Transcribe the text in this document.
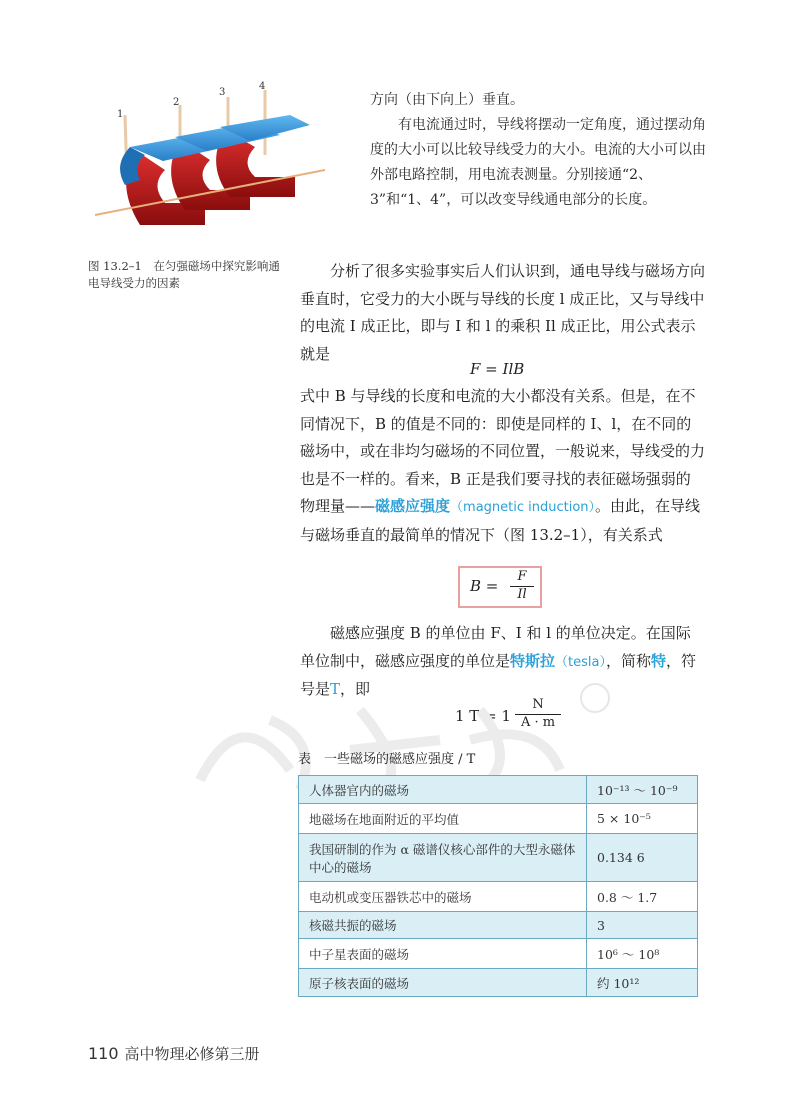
1
2
3
4
图 13.2–1　在匀强磁场中探究影响通电导线受力的因素
方向（由下向上）垂直。
有电流通过时，导线将摆动一定角度，通过摆动角度的大小可以比较导线受力的大小。电流的大小可以由外部电路控制，用电流表测量。分别接通“2、3”和“1、4”，可以改变导线通电部分的长度。
分析了很多实验事实后人们认识到，通电导线与磁场方向垂直时，它受力的大小既与导线的长度 l 成正比，又与导线中的电流 I 成正比，即与 I 和 l 的乘积 Il 成正比，用公式表示就是
F = IlB
式中 B 与导线的长度和电流的大小都没有关系。但是，在不同情况下，B 的值是不同的：即使是同样的 I、l，在不同的磁场中，或在非均匀磁场的不同位置，一般说来，导线受的力也是不一样的。看来，B 正是我们要寻找的表征磁场强弱的物理量——磁感应强度（magnetic induction）。由此，在导线与磁场垂直的最简单的情况下（图 13.2–1），有关系式
B =
F
Il
磁感应强度 B 的单位由 F、I 和 l 的单位决定。在国际单位制中，磁感应强度的单位是特斯拉（tesla），简称特，符号是T，即
1 T = 1
N
A · m
表　一些磁场的磁感应强度 / T
人体器官内的磁场	10⁻¹³ ～ 10⁻⁹
地磁场在地面附近的平均值	5 × 10⁻⁵
我国研制的作为 α 磁谱仪核心部件的大型永磁体中心的磁场	0.134 6
电动机或变压器铁芯中的磁场	0.8 ～ 1.7
核磁共振的磁场	3
中子星表面的磁场	10⁶ ～ 10⁸
原子核表面的磁场	约 10¹²
110 高中物理必修第三册
